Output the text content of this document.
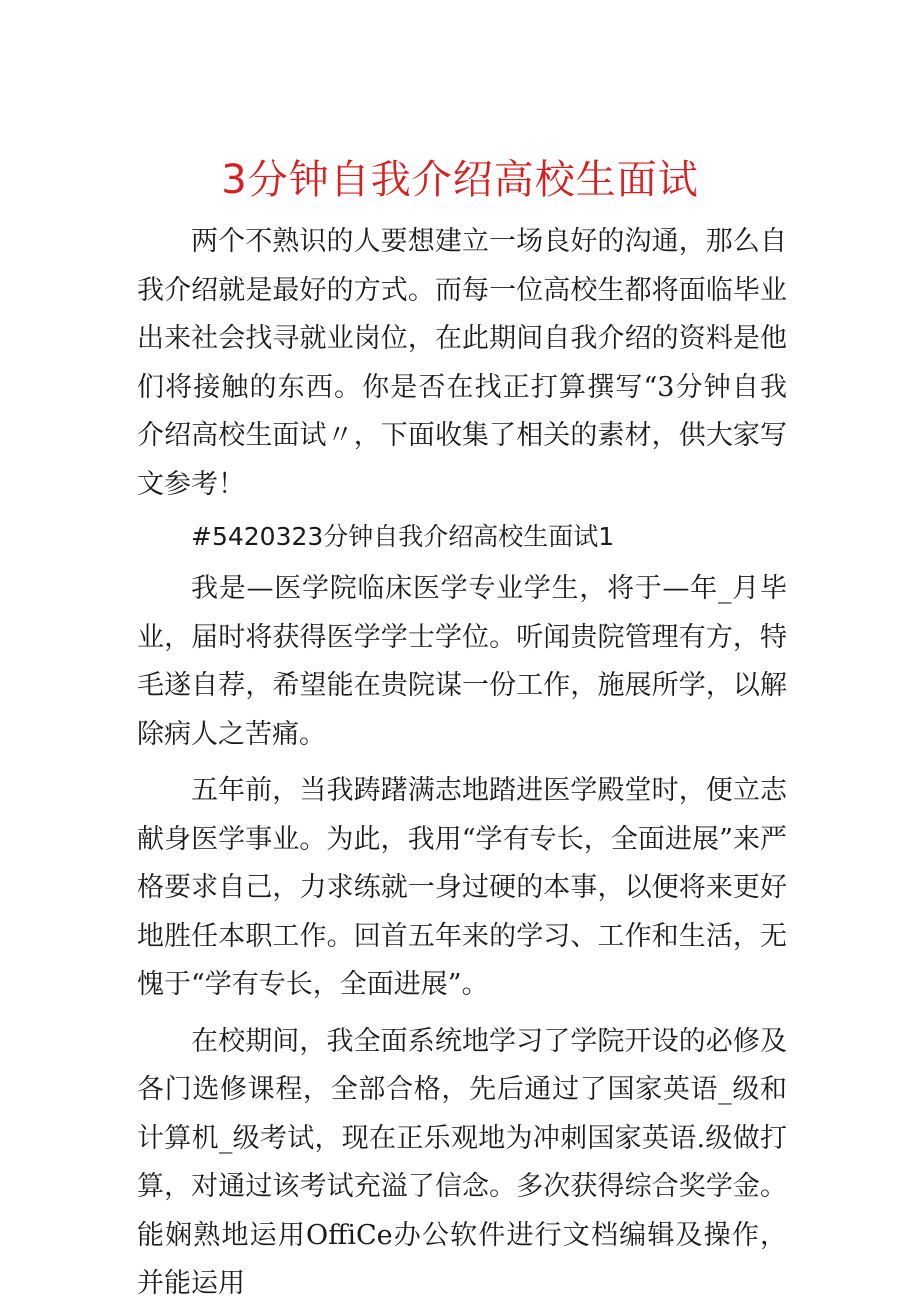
3分钟自我介绍高校生面试

两个不熟识的人要想建立一场良好的沟通，那么自我介绍就是最好的方式。而每一位高校生都将面临毕业出来社会找寻就业岗位，在此期间自我介绍的资料是他们将接触的东西。你是否在找正打算撰写“3分钟自我介绍高校生面试〃，下面收集了相关的素材，供大家写文参考！

#5420323分钟自我介绍高校生面试1

我是—医学院临床医学专业学生，将于—年_月毕业，届时将获得医学学士学位。听闻贵院管理有方，特毛遂自荐，希望能在贵院谋一份工作，施展所学，以解除病人之苦痛。

五年前，当我踌躇满志地踏进医学殿堂时，便立志献身医学事业。为此，我用“学有专长，全面进展”来严格要求自己，力求练就一身过硬的本事，以便将来更好地胜任本职工作。回首五年来的学习、工作和生活，无愧于“学有专长，全面进展”。

在校期间，我全面系统地学习了学院开设的必修及各门选修课程，全部合格，先后通过了国家英语_级和计算机_级考试，现在正乐观地为冲刺国家英语.级做打算，对通过该考试充溢了信念。多次获得综合奖学金。能娴熟地运用OffiCe办公软件进行文档编辑及操作，并能运用
